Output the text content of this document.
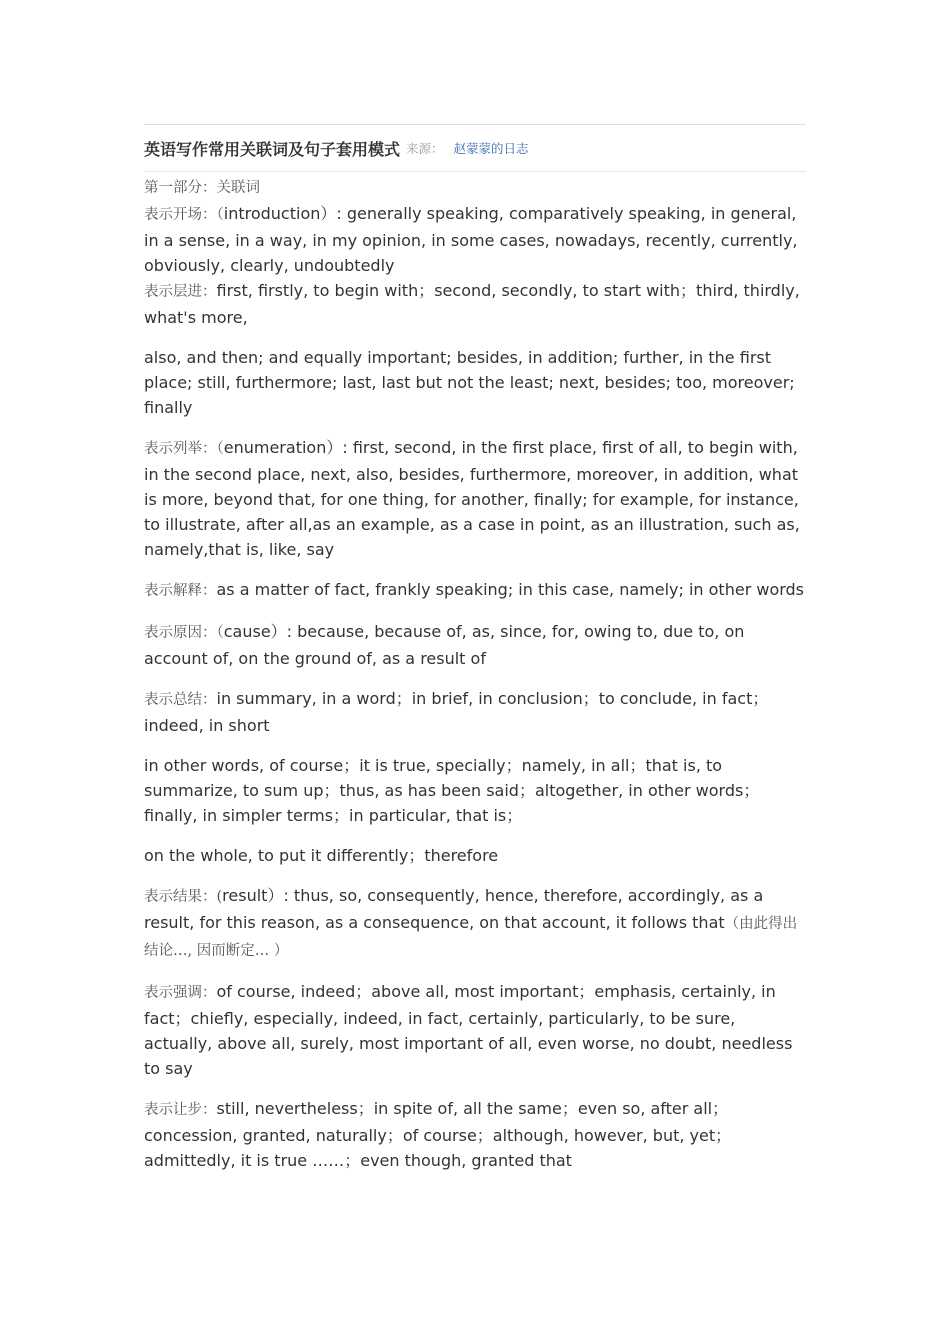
英语写作常用关联词及句子套用模式 来源： 赵蒙蒙的日志

第一部分：关联词

表示开场：（introduction）: generally speaking, comparatively speaking, in general, in a sense, in a way, in my opinion, in some cases, nowadays, recently, currently, obviously, clearly, undoubtedly

表示层进：first, firstly, to begin with；second, secondly, to start with；third, thirdly, what's more,

also, and then; and equally important; besides, in addition; further, in the first place; still, furthermore; last, last but not the least; next, besides; too, moreover; finally

表示列举：（enumeration）: first, second, in the first place, first of all, to begin with, in the second place, next, also, besides, furthermore, moreover, in addition, what is more, beyond that, for one thing, for another, finally; for example, for instance, to illustrate, after all,as an example, as a case in point, as an illustration, such as, namely,that is, like, say

表示解释：as a matter of fact, frankly speaking; in this case, namely; in other words

表示原因：（cause）: because, because of, as, since, for, owing to, due to, on account of, on the ground of, as a result of

表示总结：in summary, in a word；in brief, in conclusion；to conclude, in fact；indeed, in short

in other words, of course；it is true, specially；namely, in all；that is, to summarize, to sum up；thus, as has been said；altogether, in other words；finally, in simpler terms；in particular, that is；

on the whole, to put it differently；therefore

表示结果：(result）: thus, so, consequently, hence, therefore, accordingly, as a result, for this reason, as a consequence, on that account, it follows that（由此得出结论…, 因而断定… ）

表示强调：of course, indeed；above all, most important；emphasis, certainly, in fact；chiefly, especially, indeed, in fact, certainly, particularly, to be sure, actually, above all, surely, most important of all, even worse, no doubt, needless to say

表示让步：still, nevertheless；in spite of, all the same；even so, after all；concession, granted, naturally；of course；although, however, but, yet；admittedly, it is true ……；even though, granted that
